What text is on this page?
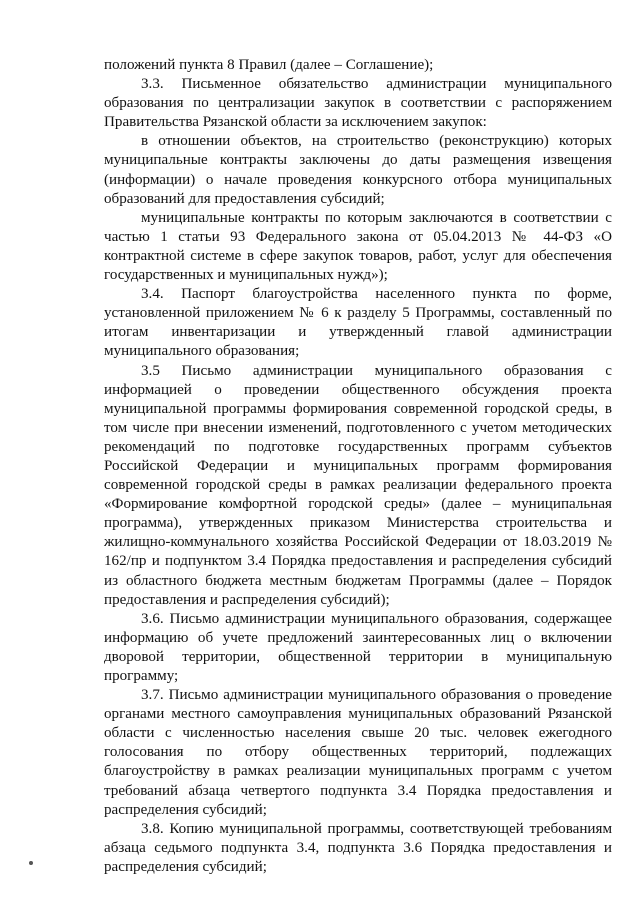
положений пункта 8 Правил (далее – Соглашение);

3.3. Письменное обязательство администрации муниципального образования по централизации закупок в соответствии с распоряжением Правительства Рязанской области за исключением закупок:

в отношении объектов, на строительство (реконструкцию) которых муниципальные контракты заключены до даты размещения извещения (информации) о начале проведения конкурсного отбора муниципальных образований для предоставления субсидий;

муниципальные контракты по которым заключаются в соответствии с частью 1 статьи 93 Федерального закона от 05.04.2013 № 44-ФЗ «О контрактной системе в сфере закупок товаров, работ, услуг для обеспечения государственных и муниципальных нужд»);

3.4. Паспорт благоустройства населенного пункта по форме, установленной приложением № 6 к разделу 5 Программы, составленный по итогам инвентаризации и утвержденный главой администрации муниципального образования;

3.5 Письмо администрации муниципального образования с информацией о проведении общественного обсуждения проекта муниципальной программы формирования современной городской среды, в том числе при внесении изменений, подготовленного с учетом методических рекомендаций по подготовке государственных программ субъектов Российской Федерации и муниципальных программ формирования современной городской среды в рамках реализации федерального проекта «Формирование комфортной городской среды» (далее – муниципальная программа), утвержденных приказом Министерства строительства и жилищно-коммунального хозяйства Российской Федерации от 18.03.2019 № 162/пр и подпунктом 3.4 Порядка предоставления и распределения субсидий из областного бюджета местным бюджетам Программы (далее – Порядок предоставления и распределения субсидий);

3.6. Письмо администрации муниципального образования, содержащее информацию об учете предложений заинтересованных лиц о включении дворовой территории, общественной территории в муниципальную программу;

3.7. Письмо администрации муниципального образования о проведение органами местного самоуправления муниципальных образований Рязанской области с численностью населения свыше 20 тыс. человек ежегодного голосования по отбору общественных территорий, подлежащих благоустройству в рамках реализации муниципальных программ с учетом требований абзаца четвертого подпункта 3.4 Порядка предоставления и распределения субсидий;

3.8. Копию муниципальной программы, соответствующей требованиям абзаца седьмого подпункта 3.4, подпункта 3.6 Порядка предоставления и распределения субсидий;
